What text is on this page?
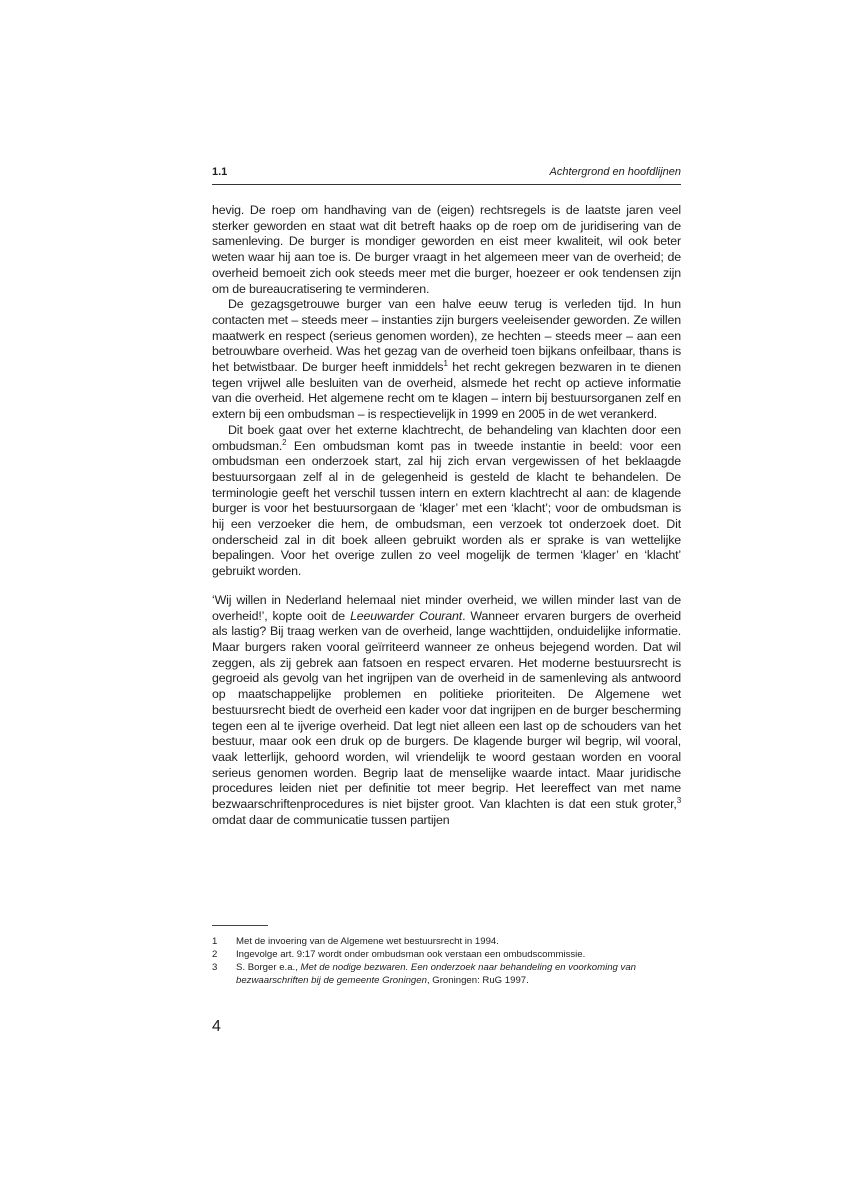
1.1	Achtergrond en hoofdlijnen

hevig. De roep om handhaving van de (eigen) rechtsregels is de laatste jaren veel sterker geworden en staat wat dit betreft haaks op de roep om de juridisering van de samenleving. De burger is mondiger geworden en eist meer kwaliteit, wil ook beter weten waar hij aan toe is. De burger vraagt in het algemeen meer van de overheid; de overheid bemoeit zich ook steeds meer met die burger, hoezeer er ook tendensen zijn om de bureaucratisering te verminderen.

De gezagsgetrouwe burger van een halve eeuw terug is verleden tijd. In hun contacten met – steeds meer – instanties zijn burgers veeleisender geworden. Ze willen maatwerk en respect (serieus genomen worden), ze hechten – steeds meer – aan een betrouwbare overheid. Was het gezag van de overheid toen bijkans onfeilbaar, thans is het betwistbaar. De burger heeft inmiddels$^1$ het recht gekregen bezwaren in te dienen tegen vrijwel alle besluiten van de overheid, alsmede het recht op actieve informatie van die overheid. Het algemene recht om te klagen – intern bij bestuursorganen zelf en extern bij een ombudsman – is respectievelijk in 1999 en 2005 in de wet verankerd.

Dit boek gaat over het externe klachtrecht, de behandeling van klachten door een ombudsman.$^2$ Een ombudsman komt pas in tweede instantie in beeld: voor een ombudsman een onderzoek start, zal hij zich ervan vergewissen of het beklaagde bestuursorgaan zelf al in de gelegenheid is gesteld de klacht te behandelen. De terminologie geeft het verschil tussen intern en extern klachtrecht al aan: de klagende burger is voor het bestuursorgaan de ‘klager’ met een ‘klacht’; voor de ombudsman is hij een verzoeker die hem, de ombudsman, een verzoek tot onderzoek doet. Dit onderscheid zal in dit boek alleen gebruikt worden als er sprake is van wettelijke bepalingen. Voor het overige zullen zo veel mogelijk de termen ‘klager’ en ‘klacht’ gebruikt worden.

‘Wij willen in Nederland helemaal niet minder overheid, we willen minder last van de overheid!’, kopte ooit de Leeuwarder Courant. Wanneer ervaren burgers de overheid als lastig? Bij traag werken van de overheid, lange wachttijden, onduidelijke informatie. Maar burgers raken vooral geïrriteerd wanneer ze onheus bejegend worden. Dat wil zeggen, als zij gebrek aan fatsoen en respect ervaren. Het moderne bestuursrecht is gegroeid als gevolg van het ingrijpen van de overheid in de samenleving als antwoord op maatschappelijke problemen en politieke prioriteiten. De Algemene wet bestuursrecht biedt de overheid een kader voor dat ingrijpen en de burger bescherming tegen een al te ijverige overheid. Dat legt niet alleen een last op de schouders van het bestuur, maar ook een druk op de burgers. De klagende burger wil begrip, wil vooral, vaak letterlijk, gehoord worden, wil vriendelijk te woord gestaan worden en vooral serieus genomen worden. Begrip laat de menselijke waarde intact. Maar juridische procedures leiden niet per definitie tot meer begrip. Het leereffect van met name bezwaarschriftenprocedures is niet bijster groot. Van klachten is dat een stuk groter,$^3$ omdat daar de communicatie tussen partijen

1	Met de invoering van de Algemene wet bestuursrecht in 1994.
2	Ingevolge art. 9:17 wordt onder ombudsman ook verstaan een ombudscommissie.
3	S. Borger e.a., Met de nodige bezwaren. Een onderzoek naar behandeling en voorkoming van bezwaarschriften bij de gemeente Groningen, Groningen: RuG 1997.
4
